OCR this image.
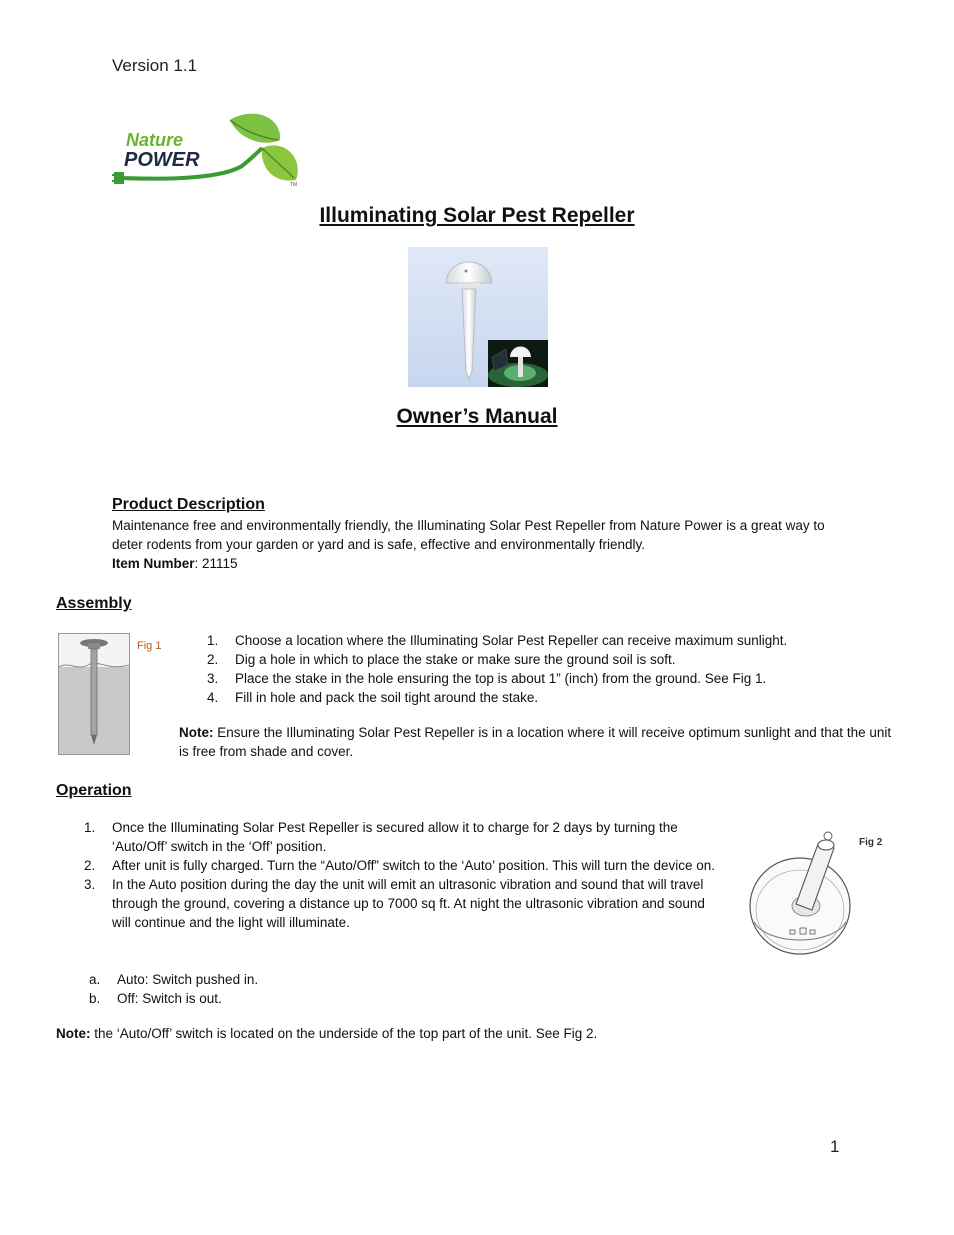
Version 1.1
Nature
POWER
TM
Illuminating Solar Pest Repeller
Owner’s Manual
Product Description
Maintenance free and environmentally friendly, the Illuminating Solar Pest Repeller from Nature Power is a great way to deter rodents from your garden or yard and is safe, effective and environmentally friendly.
Item Number: 21115
Assembly
Fig 1	1. Choose a location where the Illuminating Solar Pest Repeller can receive maximum sunlight.
2. Dig a hole in which to place the stake or make sure the ground soil is soft.
3. Place the stake in the hole ensuring the top is about 1” (inch) from the ground. See Fig 1.
4. Fill in hole and pack the soil tight around the stake.
Note: Ensure the Illuminating Solar Pest Repeller is in a location where it will receive optimum sunlight and that the unit is free from shade and cover.
Operation
1. Once the Illuminating Solar Pest Repeller is secured allow it to charge for 2 days by turning the ‘Auto/Off’ switch in the ‘Off’ position.
2. After unit is fully charged. Turn the “Auto/Off” switch to the ‘Auto’ position. This will turn the device on.
3. In the Auto position during the day the unit will emit an ultrasonic vibration and sound that will travel through the ground, covering a distance up to 7000 sq ft. At night the ultrasonic vibration and sound will continue and the light will illuminate.
Fig 2
a. Auto: Switch pushed in.
b. Off: Switch is out.
Note: the ‘Auto/Off’ switch is located on the underside of the top part of the unit. See Fig 2.
1
